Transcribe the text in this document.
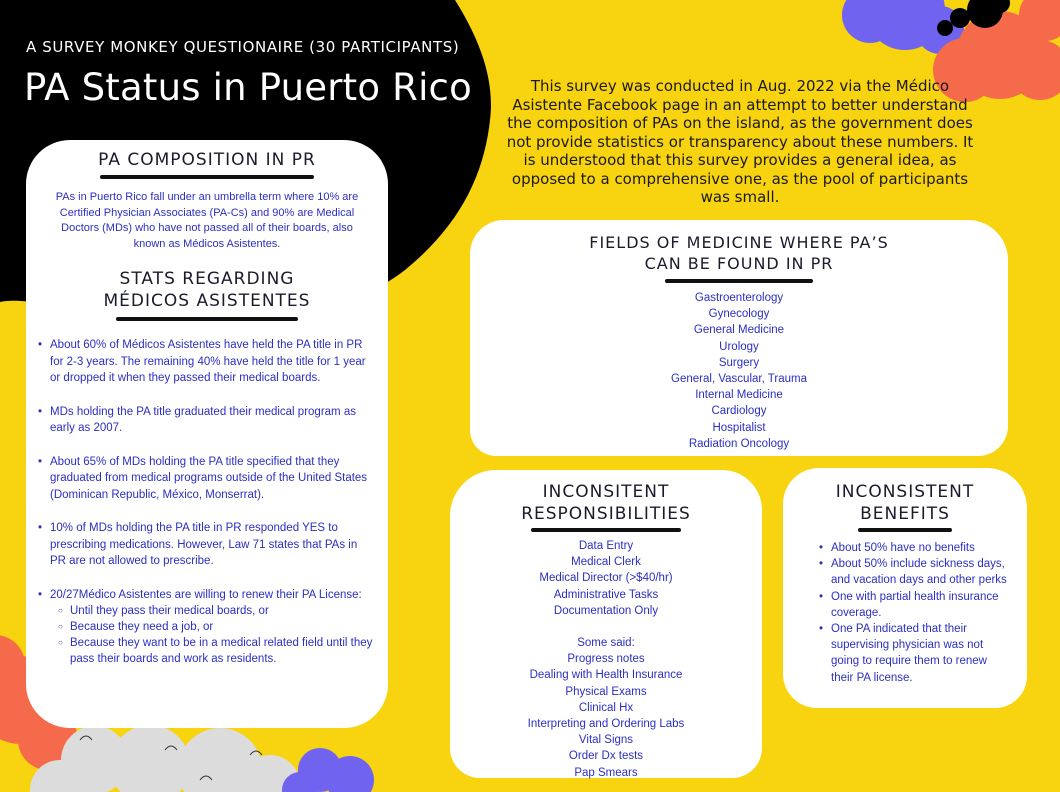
A SURVEY MONKEY QUESTIONAIRE (30 PARTICIPANTS)
PA Status in Puerto Rico	This survey was conducted in Aug. 2022 via the Médico Asistente Facebook page in an attempt to better understand the composition of PAs on the island, as the government does not provide statistics or transparency about these numbers. It is understood that this survey provides a general idea, as opposed to a comprehensive one, as the pool of participants was small.
PA COMPOSITION IN PR
PAs in Puerto Rico fall under an umbrella term where 10% are Certified Physician Associates (PA-Cs) and 90% are Medical Doctors (MDs) who have not passed all of their boards, also known as Médicos Asistentes.
STATS REGARDING
MÉDICOS ASISTENTES
• About 60% of Médicos Asistentes have held the PA title in PR for 2-3 years. The remaining 40% have held the title for 1 year or dropped it when they passed their medical boards.
• MDs holding the PA title graduated their medical program as early as 2007.
• About 65% of MDs holding the PA title specified that they graduated from medical programs outside of the United States (Dominican Republic, México, Monserrat).
• 10% of MDs holding the PA title in PR responded YES to prescribing medications. However, Law 71 states that PAs in PR are not allowed to prescribe.
• 20/27Médico Asistentes are willing to renew their PA License:
○ Until they pass their medical boards, or
○ Because they need a job, or
○ Because they want to be in a medical related field until they pass their boards and work as residents.
FIELDS OF MEDICINE WHERE PA’S
CAN BE FOUND IN PR
Gastroenterology
Gynecology
General Medicine
Urology
Surgery
General, Vascular, Trauma
Internal Medicine
Cardiology
Hospitalist
Radiation Oncology
INCONSITENT
RESPONSIBILITIES
Data Entry
Medical Clerk
Medical Director (>$40/hr)
Administrative Tasks
Documentation Only
Some said:
Progress notes
Dealing with Health Insurance
Physical Exams
Clinical Hx
Interpreting and Ordering Labs
Vital Signs
Order Dx tests
Pap Smears
INCONSISTENT
BENEFITS
• About 50% have no benefits
• About 50% include sickness days, and vacation days and other perks
• One with partial health insurance coverage.
• One PA indicated that their supervising physician was not going to require them to renew their PA license.
